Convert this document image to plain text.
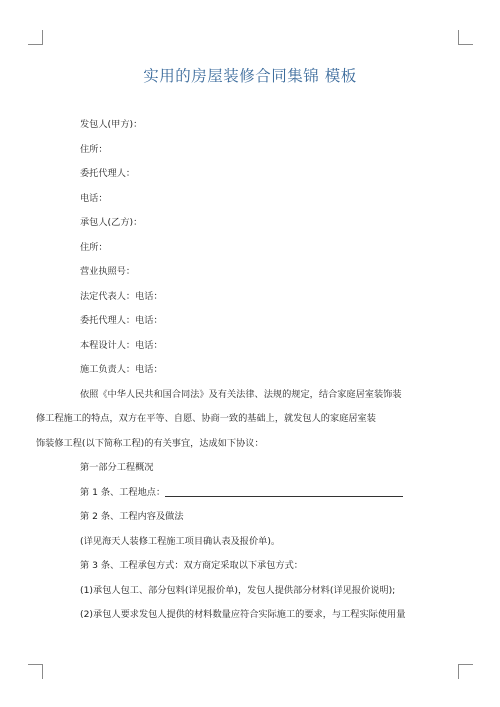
实用的房屋装修合同集锦 模板
发包人(甲方)：
住所：
委托代理人：
电话：
承包人(乙方)：
住所：
营业执照号：
法定代表人：电话：
委托代理人：电话：
本程设计人：电话：
施工负责人：电话：
依照《中华人民共和国合同法》及有关法律、法规的规定，结合家庭居室装饰装
修工程施工的特点，双方在平等、自愿、协商一致的基础上，就发包人的家庭居室装
饰装修工程(以下简称工程)的有关事宜，达成如下协议：
第一部分工程概况
第 1 条、工程地点：
第 2 条、工程内容及做法
(详见海天人装修工程施工项目确认表及报价单)。
第 3 条、工程承包方式：双方商定采取以下承包方式：
(1)承包人包工、部分包料(详见报价单)，发包人提供部分材料(详见报价说明);
(2)承包人要求发包人提供的材料数量应符合实际施工的要求，与工程实际使用量
